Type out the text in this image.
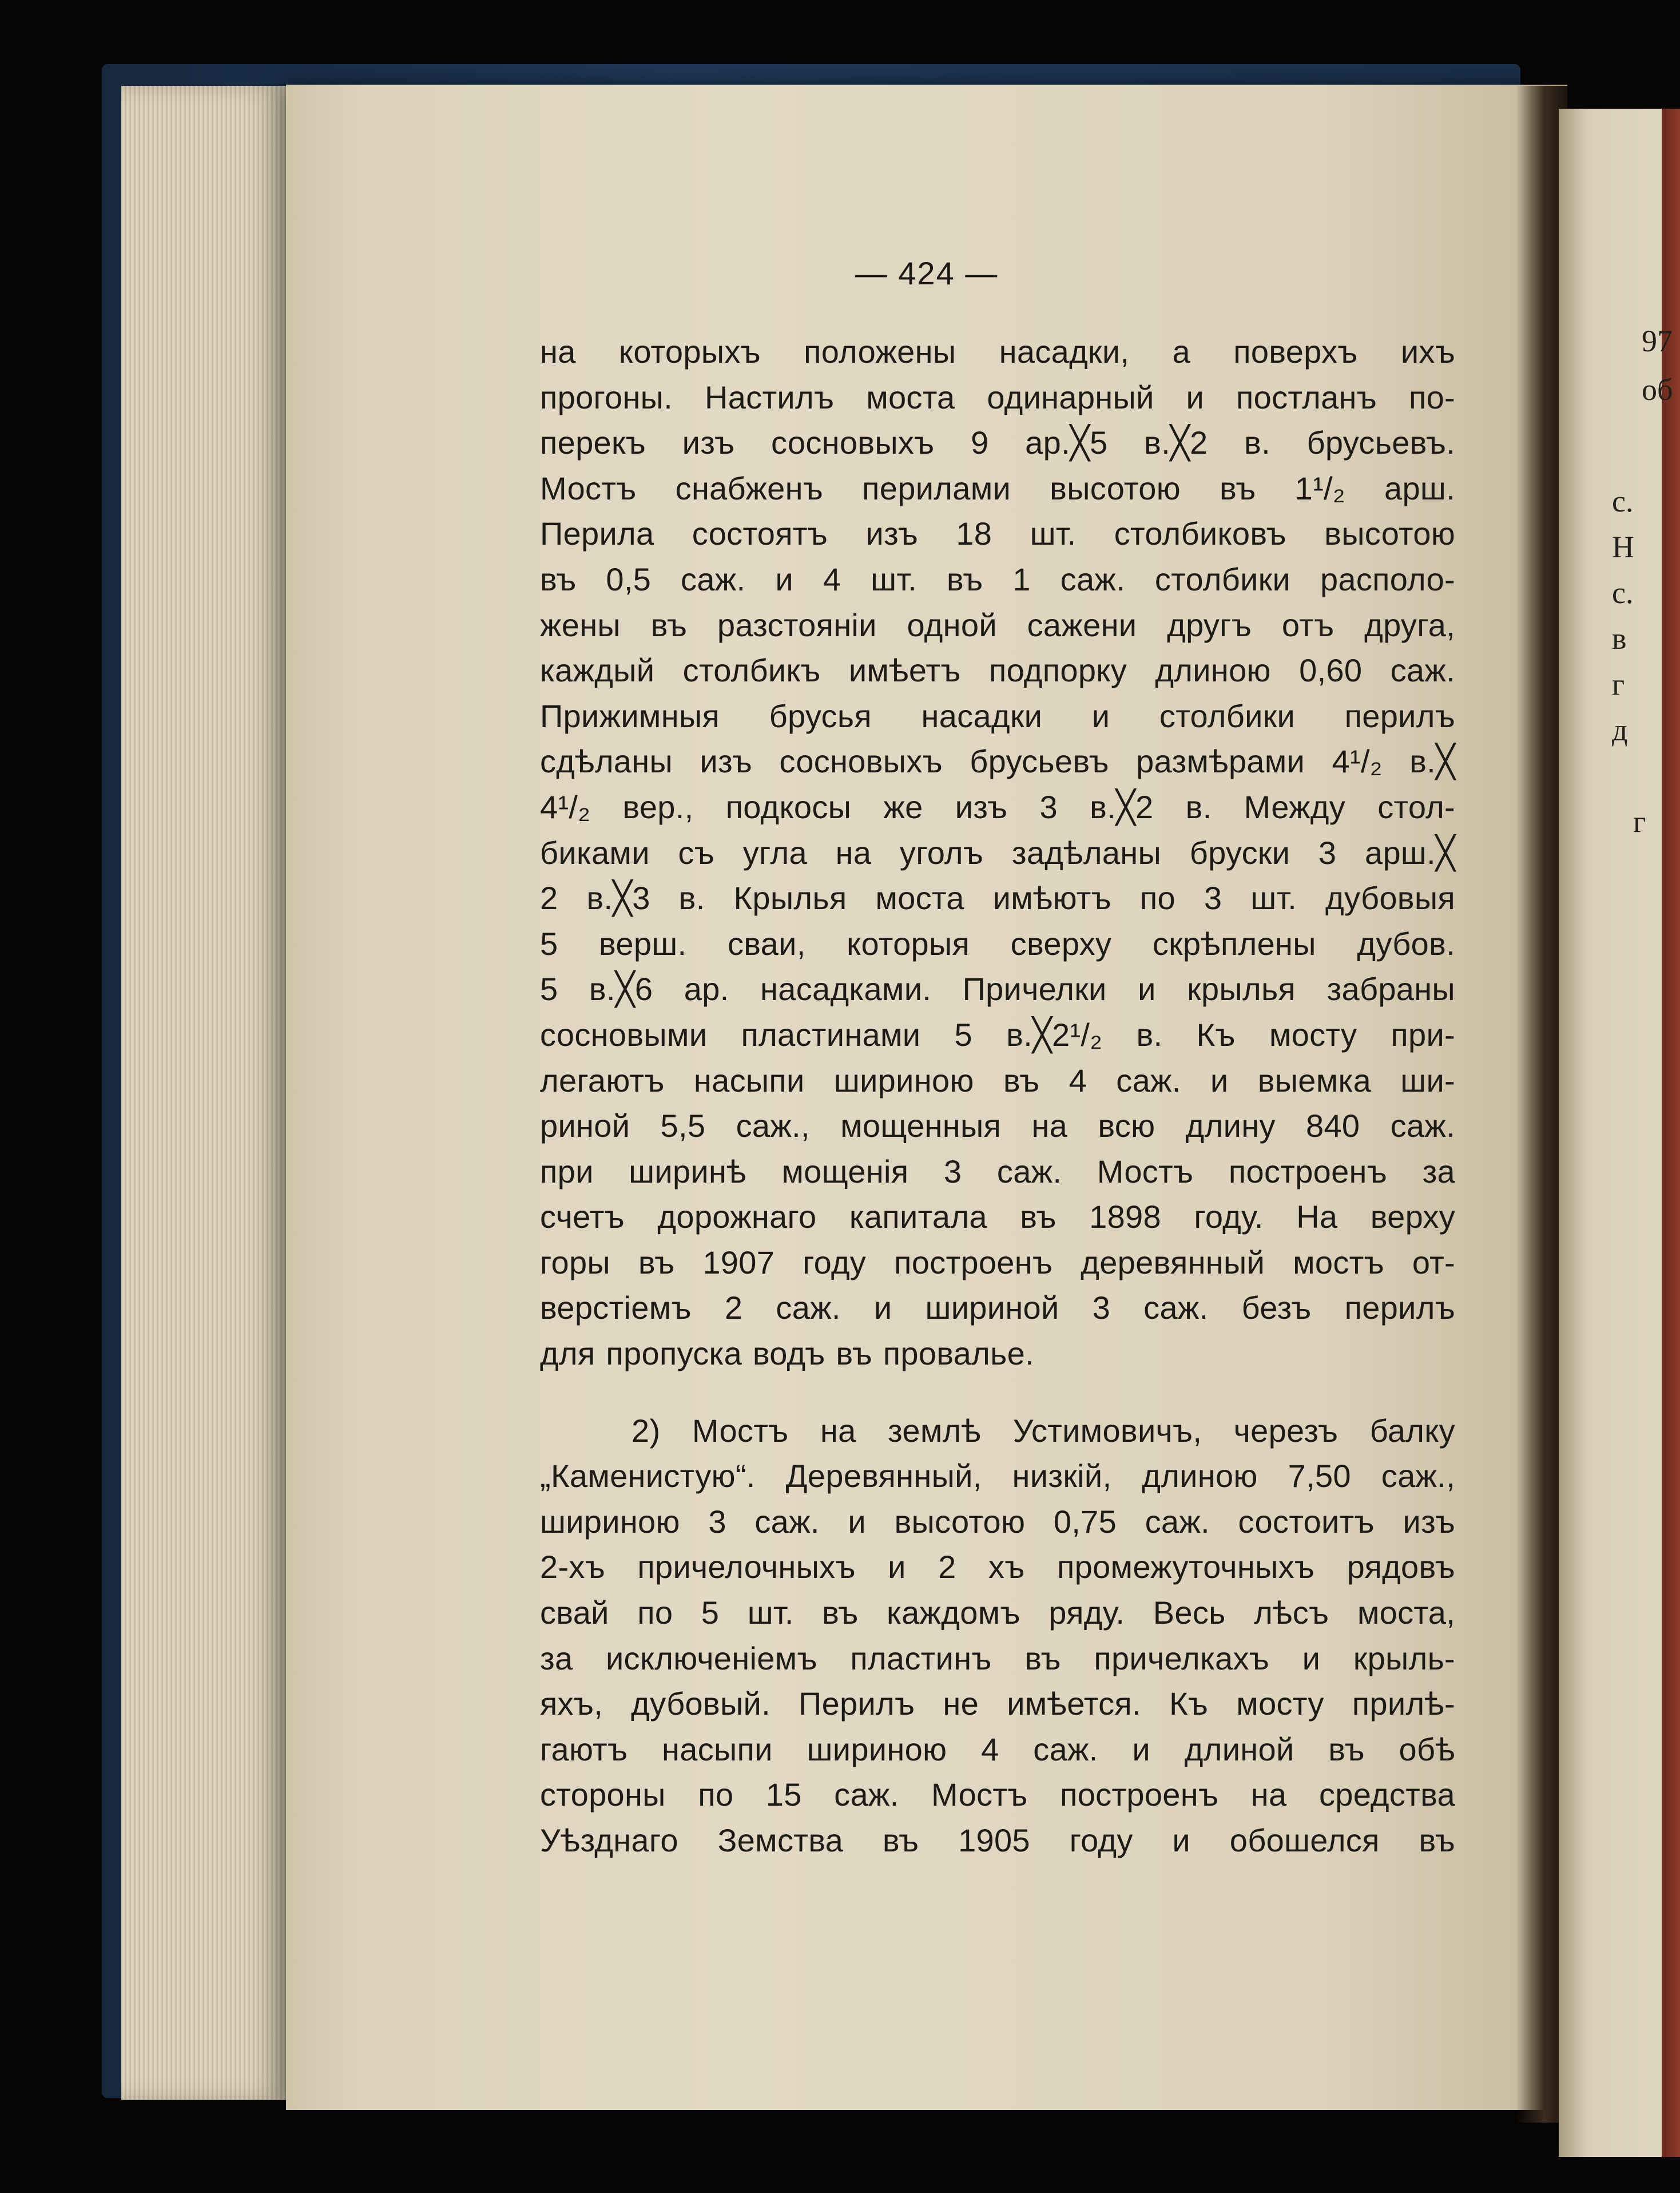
— 424 —
на которыхъ положены насадки, а поверхъ ихъ
прогоны. Настилъ моста одинарный и постланъ по-
перекъ изъ сосновыхъ 9 ар.╳5 в.╳2 в. брусьевъ.
Мостъ снабженъ перилами высотою въ 1¹/₂ арш.
Перила состоятъ изъ 18 шт. столбиковъ высотою
въ 0,5 саж. и 4 шт. въ 1 саж. столбики располо-
жены въ разстояніи одной сажени другъ отъ друга,
каждый столбикъ имѣетъ подпорку длиною 0,60 саж.
Прижимныя брусья насадки и столбики перилъ
сдѣланы изъ сосновыхъ брусьевъ размѣрами 4¹/₂ в.╳
4¹/₂ вер., подкосы же изъ 3 в.╳2 в. Между стол-
биками съ угла на уголъ задѣланы бруски 3 арш.╳
2 в.╳3 в. Крылья моста имѣютъ по 3 шт. дубовыя
5 верш. сваи, которыя сверху скрѣплены дубов.
5 в.╳6 ар. насадками. Причелки и крылья забраны
сосновыми пластинами 5 в.╳2¹/₂ в. Къ мосту при-
легаютъ насыпи шириною въ 4 саж. и выемка ши-
риной 5,5 саж., мощенныя на всю длину 840 саж.
при ширинѣ мощенія 3 саж. Мостъ построенъ за
счетъ дорожнаго капитала въ 1898 году. На верху
горы въ 1907 году построенъ деревянный мостъ от-
верстіемъ 2 саж. и шириной 3 саж. безъ перилъ
для пропуска водъ въ провалье.
2) Мостъ на землѣ Устимовичъ, черезъ балку
„Каменистую“. Деревянный, низкій, длиною 7,50 саж.,
шириною 3 саж. и высотою 0,75 саж. состоитъ изъ
2-хъ причелочныхъ и 2 хъ промежуточныхъ рядовъ
свай по 5 шт. въ каждомъ ряду. Весь лѣсъ моста,
за исключеніемъ пластинъ въ причелкахъ и крыль-
яхъ, дубовый. Перилъ не имѣется. Къ мосту прилѣ-
гаютъ насыпи шириною 4 саж. и длиной въ обѣ
стороны по 15 саж. Мостъ построенъ на средства
Уѣзднаго Земства въ 1905 году и обошелся въ
97
об
с.
Н
с.
в
г
д
г
